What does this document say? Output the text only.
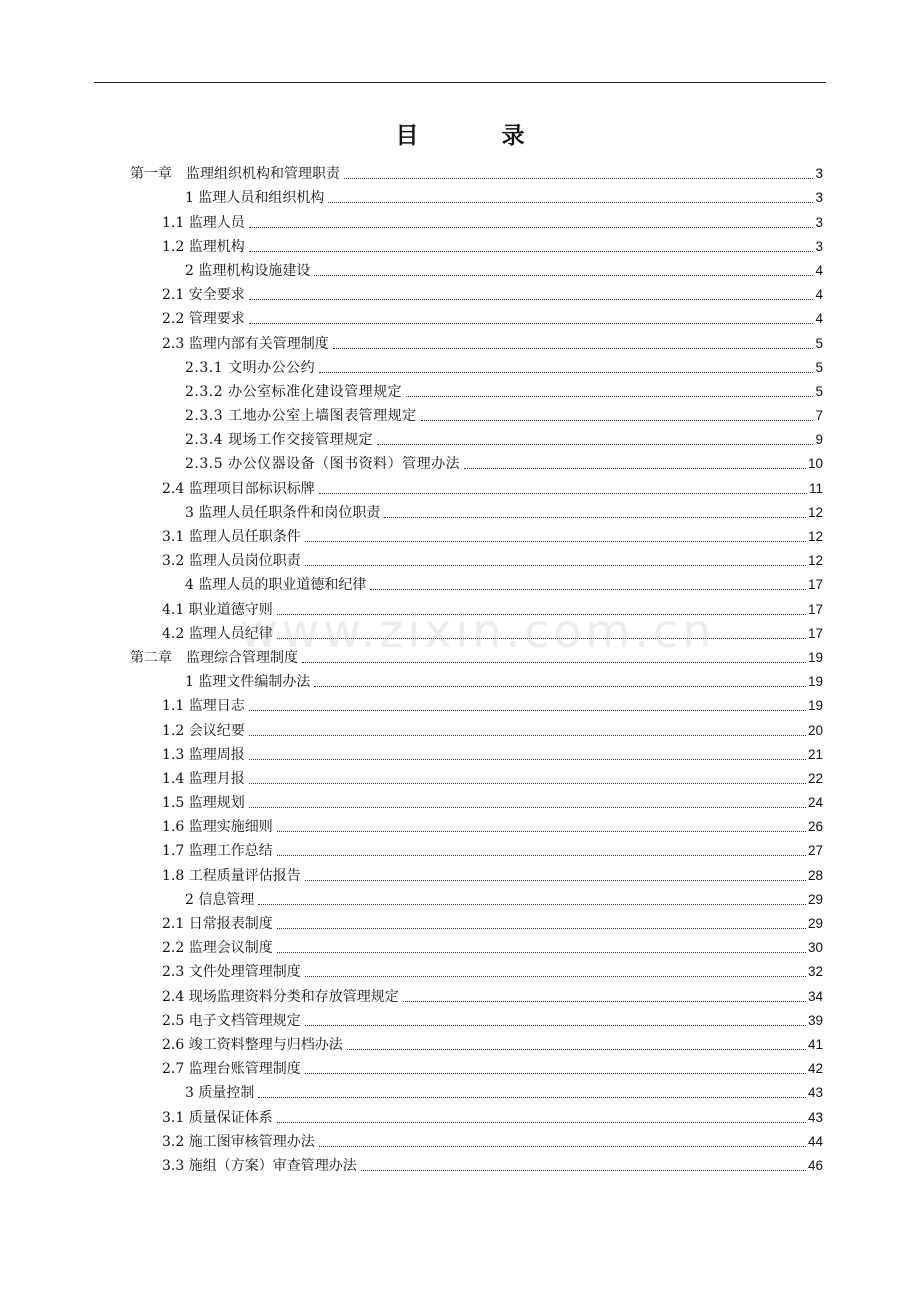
目　录
第一章　监理组织机构和管理职责	3
1 监理人员和组织机构	3
1.1 监理人员	3
1.2 监理机构	3
2 监理机构设施建设	4
2.1 安全要求	4
2.2 管理要求	4
2.3 监理内部有关管理制度	5
2.3.1 文明办公公约	5
2.3.2 办公室标准化建设管理规定	5
2.3.3 工地办公室上墙图表管理规定	7
2.3.4 现场工作交接管理规定	9
2.3.5 办公仪器设备（图书资料）管理办法	10
2.4 监理项目部标识标牌	11
3 监理人员任职条件和岗位职责	12
3.1 监理人员任职条件	12
3.2 监理人员岗位职责	12
4 监理人员的职业道德和纪律	17
4.1 职业道德守则	17
4.2 监理人员纪律	17
第二章　监理综合管理制度	19
1 监理文件编制办法	19
1.1 监理日志	19
1.2 会议纪要	20
1.3 监理周报	21
1.4 监理月报	22
1.5 监理规划	24
1.6 监理实施细则	26
1.7 监理工作总结	27
1.8 工程质量评估报告	28
2 信息管理	29
2.1 日常报表制度	29
2.2 监理会议制度	30
2.3 文件处理管理制度	32
2.4 现场监理资料分类和存放管理规定	34
2.5 电子文档管理规定	39
2.6 竣工资料整理与归档办法	41
2.7 监理台账管理制度	42
3 质量控制	43
3.1 质量保证体系	43
3.2 施工图审核管理办法	44
3.3 施组（方案）审查管理办法	46
www.zixin.com.cn
